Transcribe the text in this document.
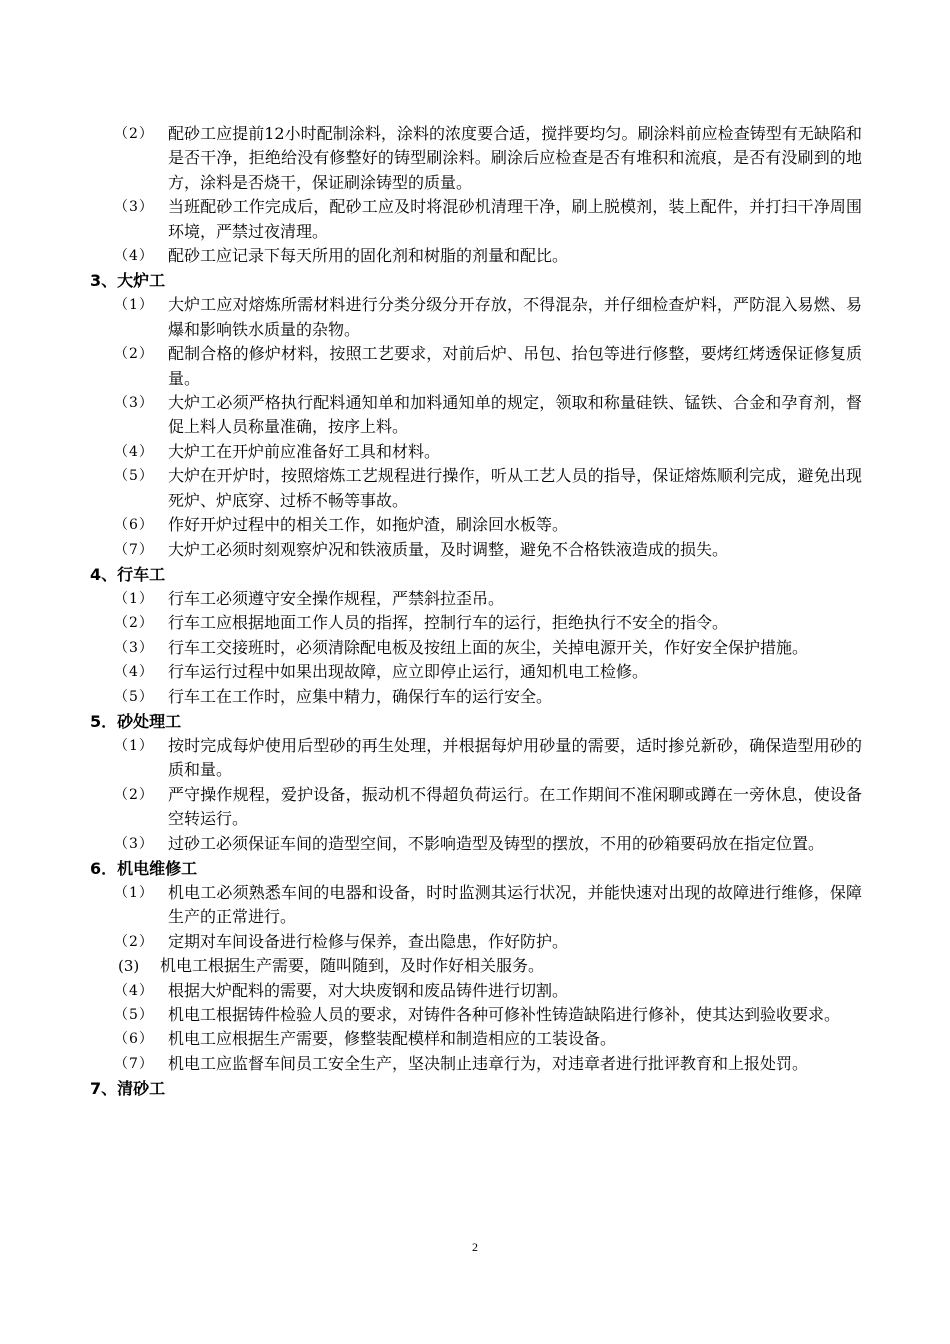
（2） 配砂工应提前12小时配制涂料，涂料的浓度要合适，搅拌要均匀。刷涂料前应检查铸型有无缺陷和是否干净，拒绝给没有修整好的铸型刷涂料。刷涂后应检查是否有堆积和流痕，是否有没刷到的地方，涂料是否烧干，保证刷涂铸型的质量。
（3） 当班配砂工作完成后，配砂工应及时将混砂机清理干净，刷上脱模剂，装上配件，并打扫干净周围环境，严禁过夜清理。
（4） 配砂工应记录下每天所用的固化剂和树脂的剂量和配比。

3、大炉工

（1） 大炉工应对熔炼所需材料进行分类分级分开存放，不得混杂，并仔细检查炉料，严防混入易燃、易爆和影响铁水质量的杂物。
（2） 配制合格的修炉材料，按照工艺要求，对前后炉、吊包、抬包等进行修整，要烤红烤透保证修复质量。
（3） 大炉工必须严格执行配料通知单和加料通知单的规定，领取和称量硅铁、锰铁、合金和孕育剂，督促上料人员称量准确，按序上料。
（4） 大炉工在开炉前应准备好工具和材料。
（5） 大炉在开炉时，按照熔炼工艺规程进行操作，听从工艺人员的指导，保证熔炼顺利完成，避免出现死炉、炉底穿、过桥不畅等事故。
（6） 作好开炉过程中的相关工作，如拖炉渣，刷涂回水板等。
（7） 大炉工必须时刻观察炉况和铁液质量，及时调整，避免不合格铁液造成的损失。

4、行车工

（1） 行车工必须遵守安全操作规程，严禁斜拉歪吊。
（2） 行车工应根据地面工作人员的指挥，控制行车的运行，拒绝执行不安全的指令。
（3） 行车工交接班时，必须清除配电板及按纽上面的灰尘，关掉电源开关，作好安全保护措施。
（4） 行车运行过程中如果出现故障，应立即停止运行，通知机电工检修。
（5） 行车工在工作时，应集中精力，确保行车的运行安全。

5．砂处理工

（1） 按时完成每炉使用后型砂的再生处理，并根据每炉用砂量的需要，适时掺兑新砂，确保造型用砂的质和量。
（2） 严守操作规程，爱护设备，振动机不得超负荷运行。在工作期间不准闲聊或蹲在一旁休息，使设备空转运行。
（3） 过砂工必须保证车间的造型空间，不影响造型及铸型的摆放，不用的砂箱要码放在指定位置。

6．机电维修工

（1） 机电工必须熟悉车间的电器和设备，时时监测其运行状况，并能快速对出现的故障进行维修，保障生产的正常进行。
（2） 定期对车间设备进行检修与保养，查出隐患，作好防护。
(3)	机电工根据生产需要，随叫随到，及时作好相关服务。
（4） 根据大炉配料的需要，对大块废钢和废品铸件进行切割。
（5） 机电工根据铸件检验人员的要求，对铸件各种可修补性铸造缺陷进行修补，使其达到验收要求。
（6） 机电工应根据生产需要，修整装配模样和制造相应的工装设备。
（7） 机电工应监督车间员工安全生产，坚决制止违章行为，对违章者进行批评教育和上报处罚。

7、清砂工

2
